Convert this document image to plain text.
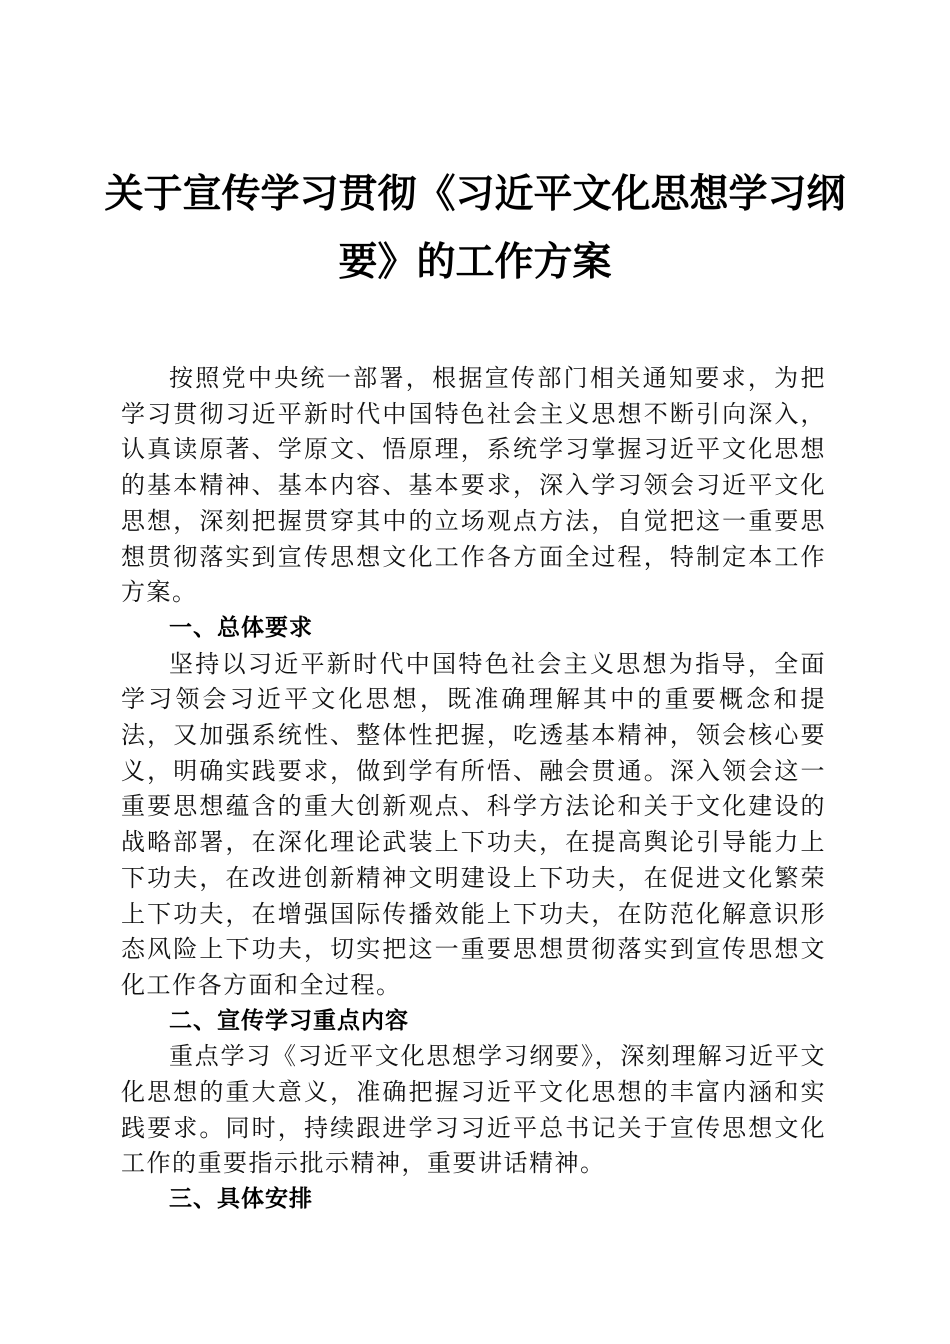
关于宣传学习贯彻《习近平文化思想学习纲
要》的工作方案

按照党中央统一部署，根据宣传部门相关通知要求，为把学习贯彻习近平新时代中国特色社会主义思想不断引向深入，认真读原著、学原文、悟原理，系统学习掌握习近平文化思想的基本精神、基本内容、基本要求，深入学习领会习近平文化思想，深刻把握贯穿其中的立场观点方法，自觉把这一重要思想贯彻落实到宣传思想文化工作各方面全过程，特制定本工作方案。

一、总体要求

坚持以习近平新时代中国特色社会主义思想为指导，全面学习领会习近平文化思想，既准确理解其中的重要概念和提法，又加强系统性、整体性把握，吃透基本精神，领会核心要义，明确实践要求，做到学有所悟、融会贯通。深入领会这一重要思想蕴含的重大创新观点、科学方法论和关于文化建设的战略部署，在深化理论武装上下功夫，在提高舆论引导能力上下功夫，在改进创新精神文明建设上下功夫，在促进文化繁荣上下功夫，在增强国际传播效能上下功夫，在防范化解意识形态风险上下功夫，切实把这一重要思想贯彻落实到宣传思想文化工作各方面和全过程。

二、宣传学习重点内容

重点学习《习近平文化思想学习纲要》，深刻理解习近平文化思想的重大意义，准确把握习近平文化思想的丰富内涵和实践要求。同时，持续跟进学习习近平总书记关于宣传思想文化工作的重要指示批示精神，重要讲话精神。

三、具体安排
